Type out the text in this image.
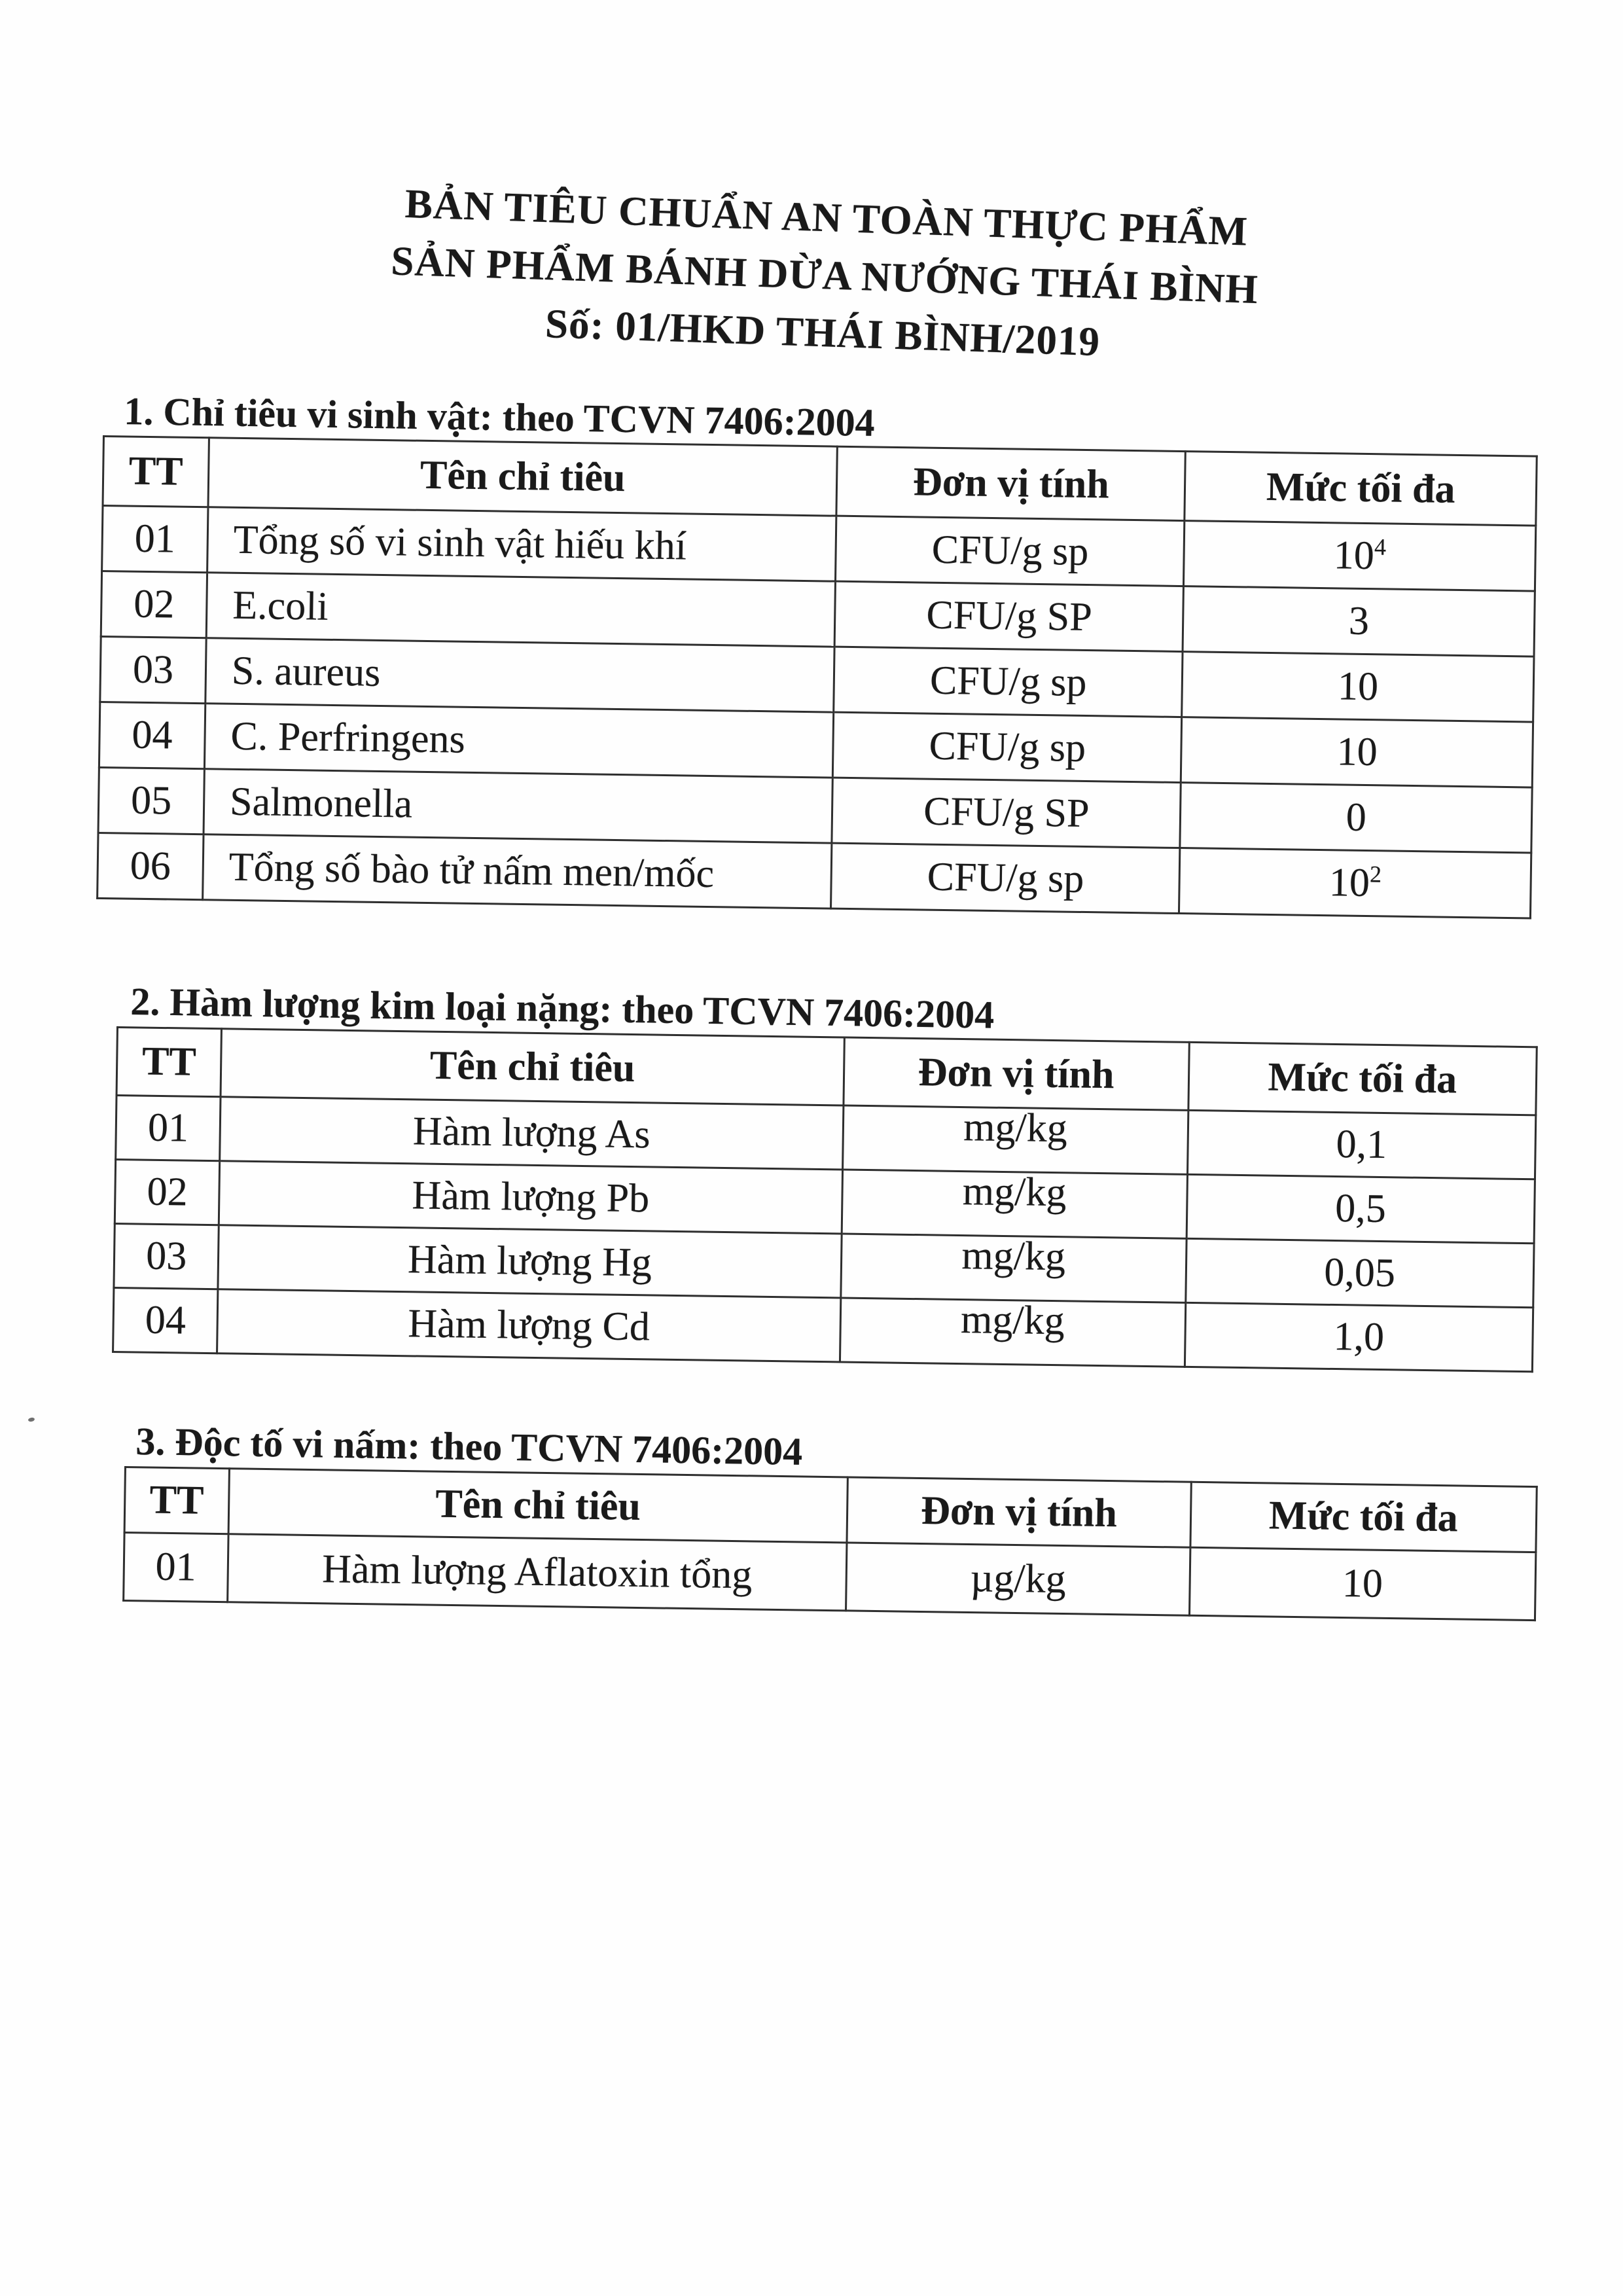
BẢN TIÊU CHUẨN AN TOÀN THỰC PHẨM
SẢN PHẨM BÁNH DỪA NƯỚNG THÁI BÌNH
Số: 01/HKD THÁI BÌNH/2019
1. Chỉ tiêu vi sinh vật: theo TCVN 7406:2004
TT	Tên chỉ tiêu	Đơn vị tính	Mức tối đa
01	Tổng số vi sinh vật hiếu khí	CFU/g sp	$10^4$
02	E.coli	CFU/g SP	3
03	S. aureus	CFU/g sp	10
04	C. Perfringens	CFU/g sp	10
05	Salmonella	CFU/g SP	0
06	Tổng số bào tử nấm men/mốc	CFU/g sp	$10^2$
2. Hàm lượng kim loại nặng: theo TCVN 7406:2004
TT	Tên chỉ tiêu	Đơn vị tính	Mức tối đa
01	Hàm lượng As	mg/kg	0,1
02	Hàm lượng Pb	mg/kg	0,5
03	Hàm lượng Hg	mg/kg	0,05
04	Hàm lượng Cd	mg/kg	1,0
3. Độc tố vi nấm: theo TCVN 7406:2004
TT	Tên chỉ tiêu	Đơn vị tính	Mức tối đa
01	Hàm lượng Aflatoxin tổng	µg/kg	10
